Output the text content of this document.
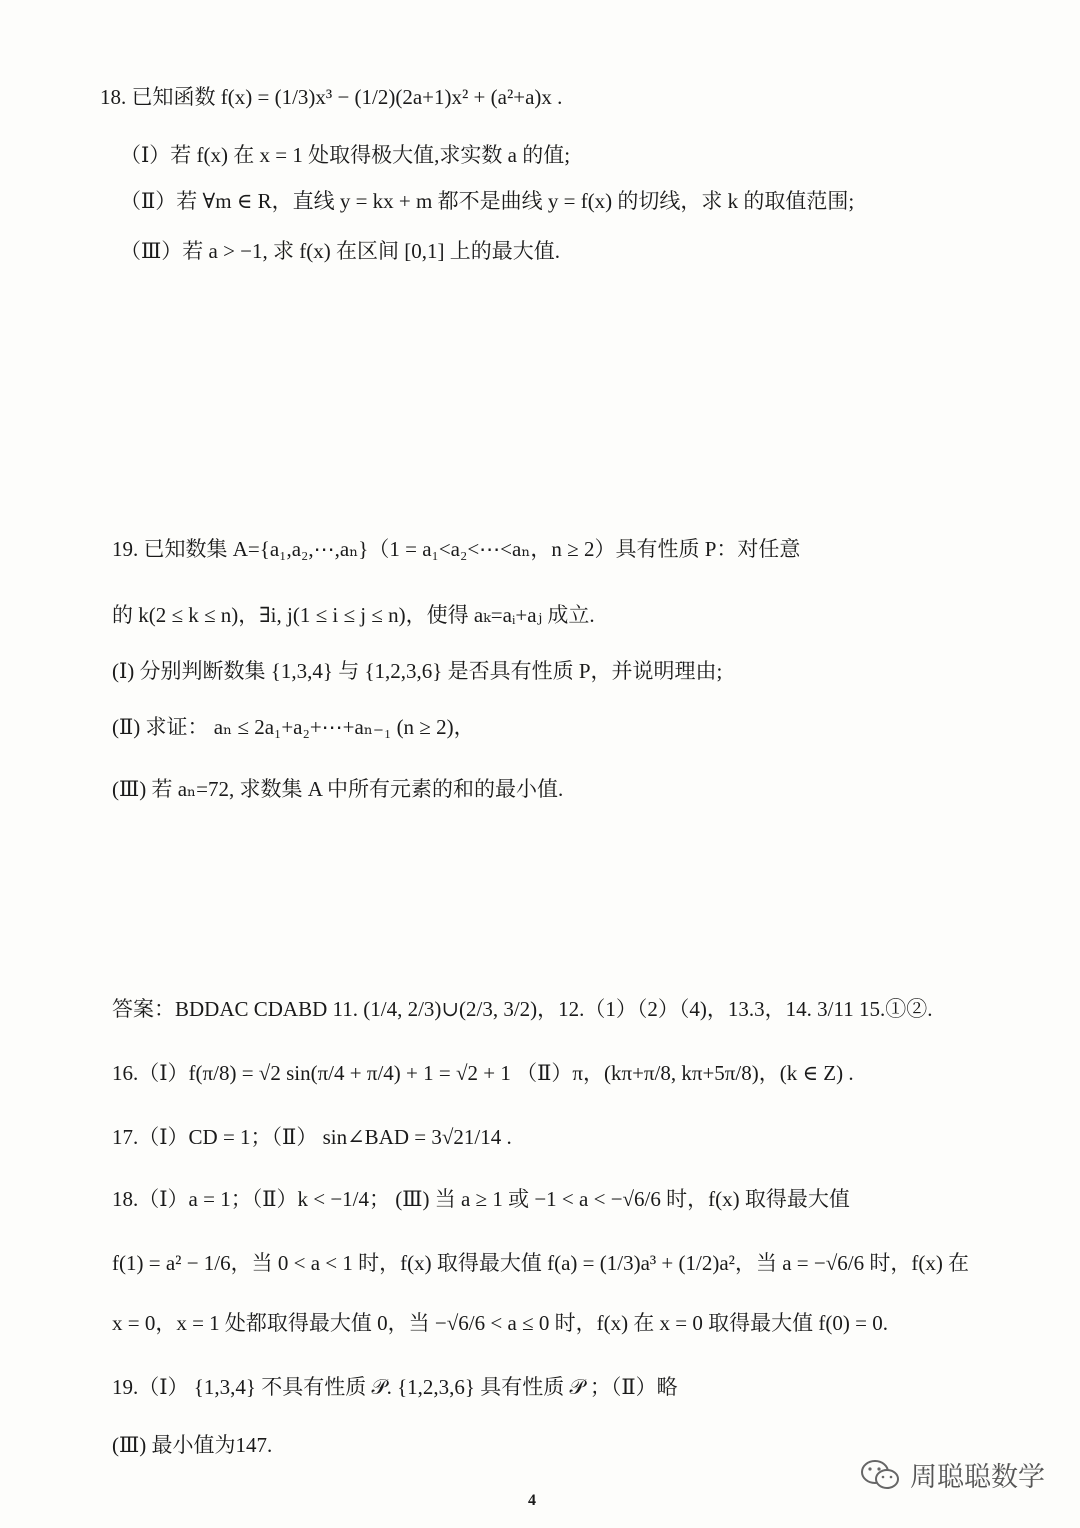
18. 已知函数 f(x) = (1/3)x³ − (1/2)(2a+1)x² + (a²+a)x .
（Ⅰ）若 f(x) 在 x = 1 处取得极大值,求实数 a 的值;
（Ⅱ）若 ∀m ∈ R，直线 y = kx + m 都不是曲线 y = f(x) 的切线，求 k 的取值范围;
（Ⅲ）若 a > −1, 求 f(x) 在区间 [0,1] 上的最大值.
19. 已知数集 A={a₁,a₂,⋯,aₙ}（1 = a₁<a₂<⋯<aₙ，n ≥ 2）具有性质 P：对任意
的 k(2 ≤ k ≤ n)，∃i, j(1 ≤ i ≤ j ≤ n)，使得 aₖ=aᵢ+aⱼ 成立.
(Ⅰ) 分别判断数集 {1,3,4} 与 {1,2,3,6} 是否具有性质 P，并说明理由;
(Ⅱ) 求证： aₙ ≤ 2a₁+a₂+⋯+aₙ₋₁ (n ≥ 2)，
(Ⅲ) 若 aₙ=72, 求数集 A 中所有元素的和的最小值.
答案：BDDAC CDABD 11. (1/4, 2/3)∪(2/3, 3/2)，12.（1）（2）（4)，13.3，14. 3/11 15.①②.
16.（Ⅰ）f(π/8) = √2 sin(π/4 + π/4) + 1 = √2 + 1 （Ⅱ）π，(kπ+π/8, kπ+5π/8)，(k ∈ Z) .
17.（Ⅰ）CD = 1；（Ⅱ） sin∠BAD = 3√21/14 .
18.（Ⅰ）a = 1；（Ⅱ）k < −1/4； (Ⅲ) 当 a ≥ 1 或 −1 < a < −√6/6 时，f(x) 取得最大值
f(1) = a² − 1/6，当 0 < a < 1 时，f(x) 取得最大值 f(a) = (1/3)a³ + (1/2)a²，当 a = −√6/6 时，f(x) 在
x = 0，x = 1 处都取得最大值 0，当 −√6/6 < a ≤ 0 时，f(x) 在 x = 0 取得最大值 f(0) = 0.
19.（Ⅰ） {1,3,4} 不具有性质 𝒫. {1,2,3,6} 具有性质 𝒫 ；（Ⅱ）略
(Ⅲ) 最小值为147.
周聪聪数学
4
